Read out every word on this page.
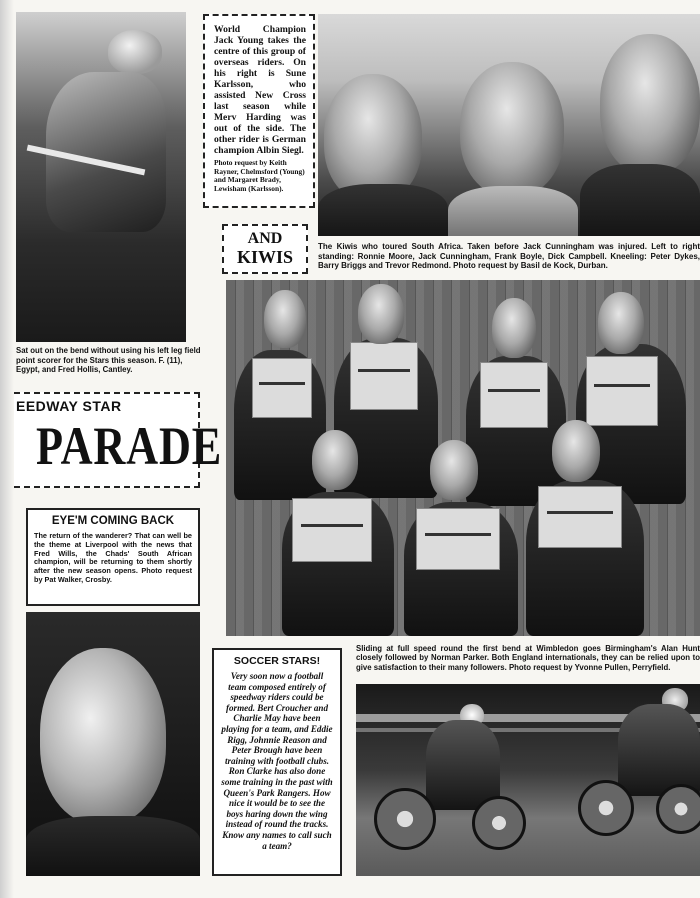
Sat out on the bend without using his left leg field point scorer for the Stars this season. F. (11), Egypt, and Fred Hollis, Cantley.
World Champion Jack Young takes the centre of this group of overseas riders. On his right is Sune Karlsson, who assisted New Cross last season while Merv Harding was out of the side. The other rider is German champion Albin Siegl.
Photo request by Keith Rayner, Chelmsford (Young) and Margaret Brady, Lewisham (Karlsson).
AND
KIWIS
The Kiwis who toured South Africa. Taken before Jack Cunningham was injured. Left to right standing: Ronnie Moore, Jack Cunningham, Frank Boyle, Dick Campbell. Kneeling: Peter Dykes, Barry Briggs and Trevor Redmond. Photo request by Basil de Kock, Durban.
EEDWAY STAR
PARADE
EYE'M COMING BACK
The return of the wanderer? That can well be the theme at Liverpool with the news that Fred Wills, the Chads' South African champion, will be returning to them shortly after the new season opens. Photo request by Pat Walker, Crosby.
SOCCER STARS!
Very soon now a football team composed entirely of speedway riders could be formed. Bert Croucher and Charlie May have been playing for a team, and Eddie Rigg, Johnnie Reason and Peter Brough have been training with football clubs. Ron Clarke has also done some training in the past with Queen's Park Rangers. How nice it would be to see the boys haring down the wing instead of round the tracks. Know any names to call such a team?
Sliding at full speed round the first bend at Wimbledon goes Birmingham's Alan Hunt closely followed by Norman Parker. Both England internationals, they can be relied upon to give satisfaction to their many followers. Photo request by Yvonne Pullen, Perryfield.
